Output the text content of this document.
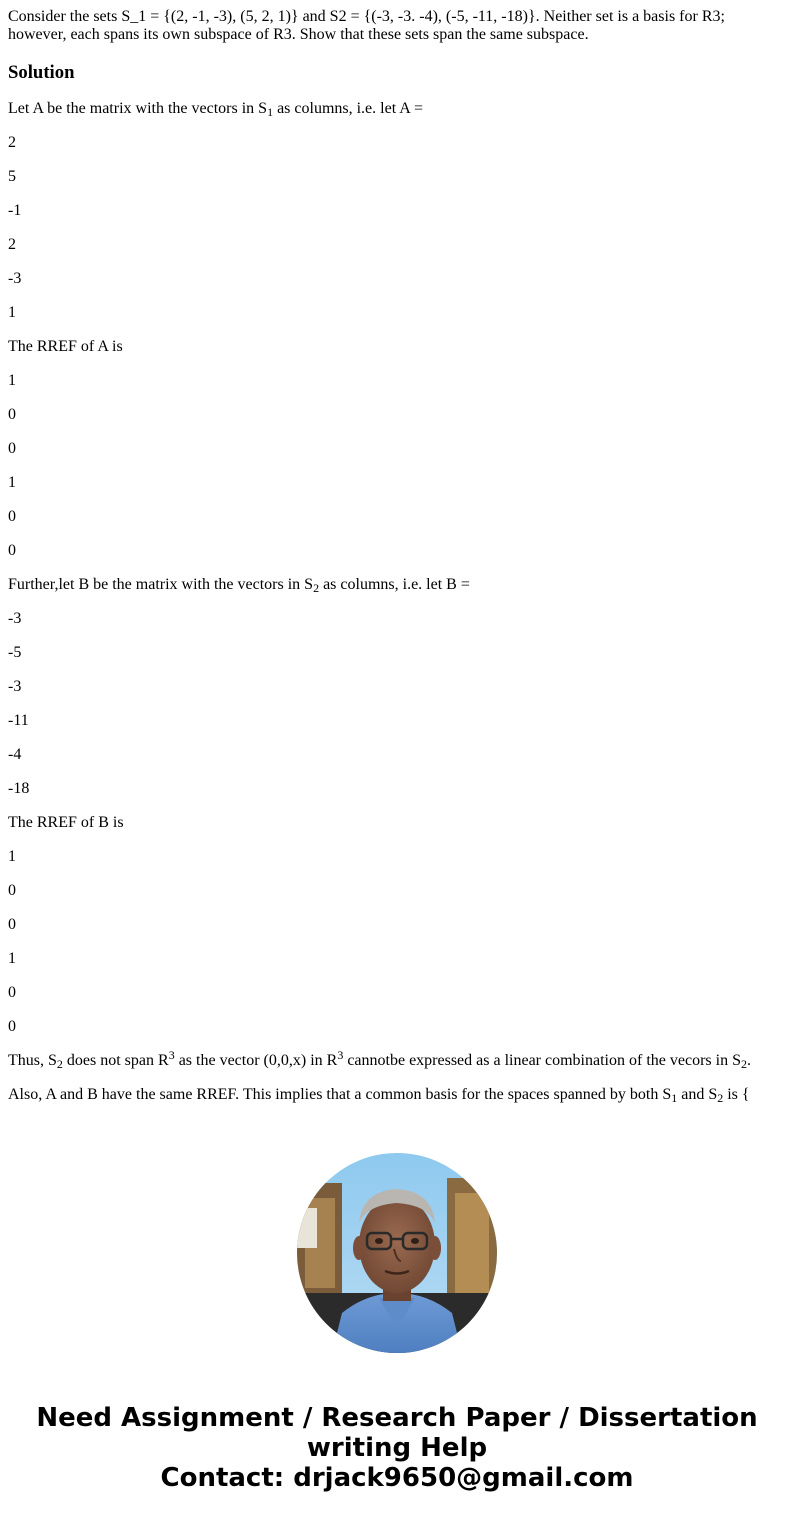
Consider the sets S_1 = {(2, -1, -3), (5, 2, 1)} and S2 = {(-3, -3. -4), (-5, -11, -18)}. Neither set is a basis for R3; however, each spans its own subspace of R3. Show that these sets span the same subspace.
Solution

Let A be the matrix with the vectors in $S_1$ as columns, i.e. let A =

2

5

-1

2

-3

1

The RREF of A is

1

0

0

1

0

0

Further,let B be the matrix with the vectors in $S_2$ as columns, i.e. let B =

-3

-5

-3

-11

-4

-18

The RREF of B is

1

0

0

1

0

0

Thus, $S_2$ does not span $R^3$ as the vector (0,0,x) in $R^3$ cannotbe expressed as a linear combination of the vecors in $S_2$.

Also, A and B have the same RREF. This implies that a common basis for the spaces spanned by both $S_1$ and $S_2$ is {

Need Assignment / Research Paper / Dissertation
writing Help
Contact: drjack9650@gmail.com
